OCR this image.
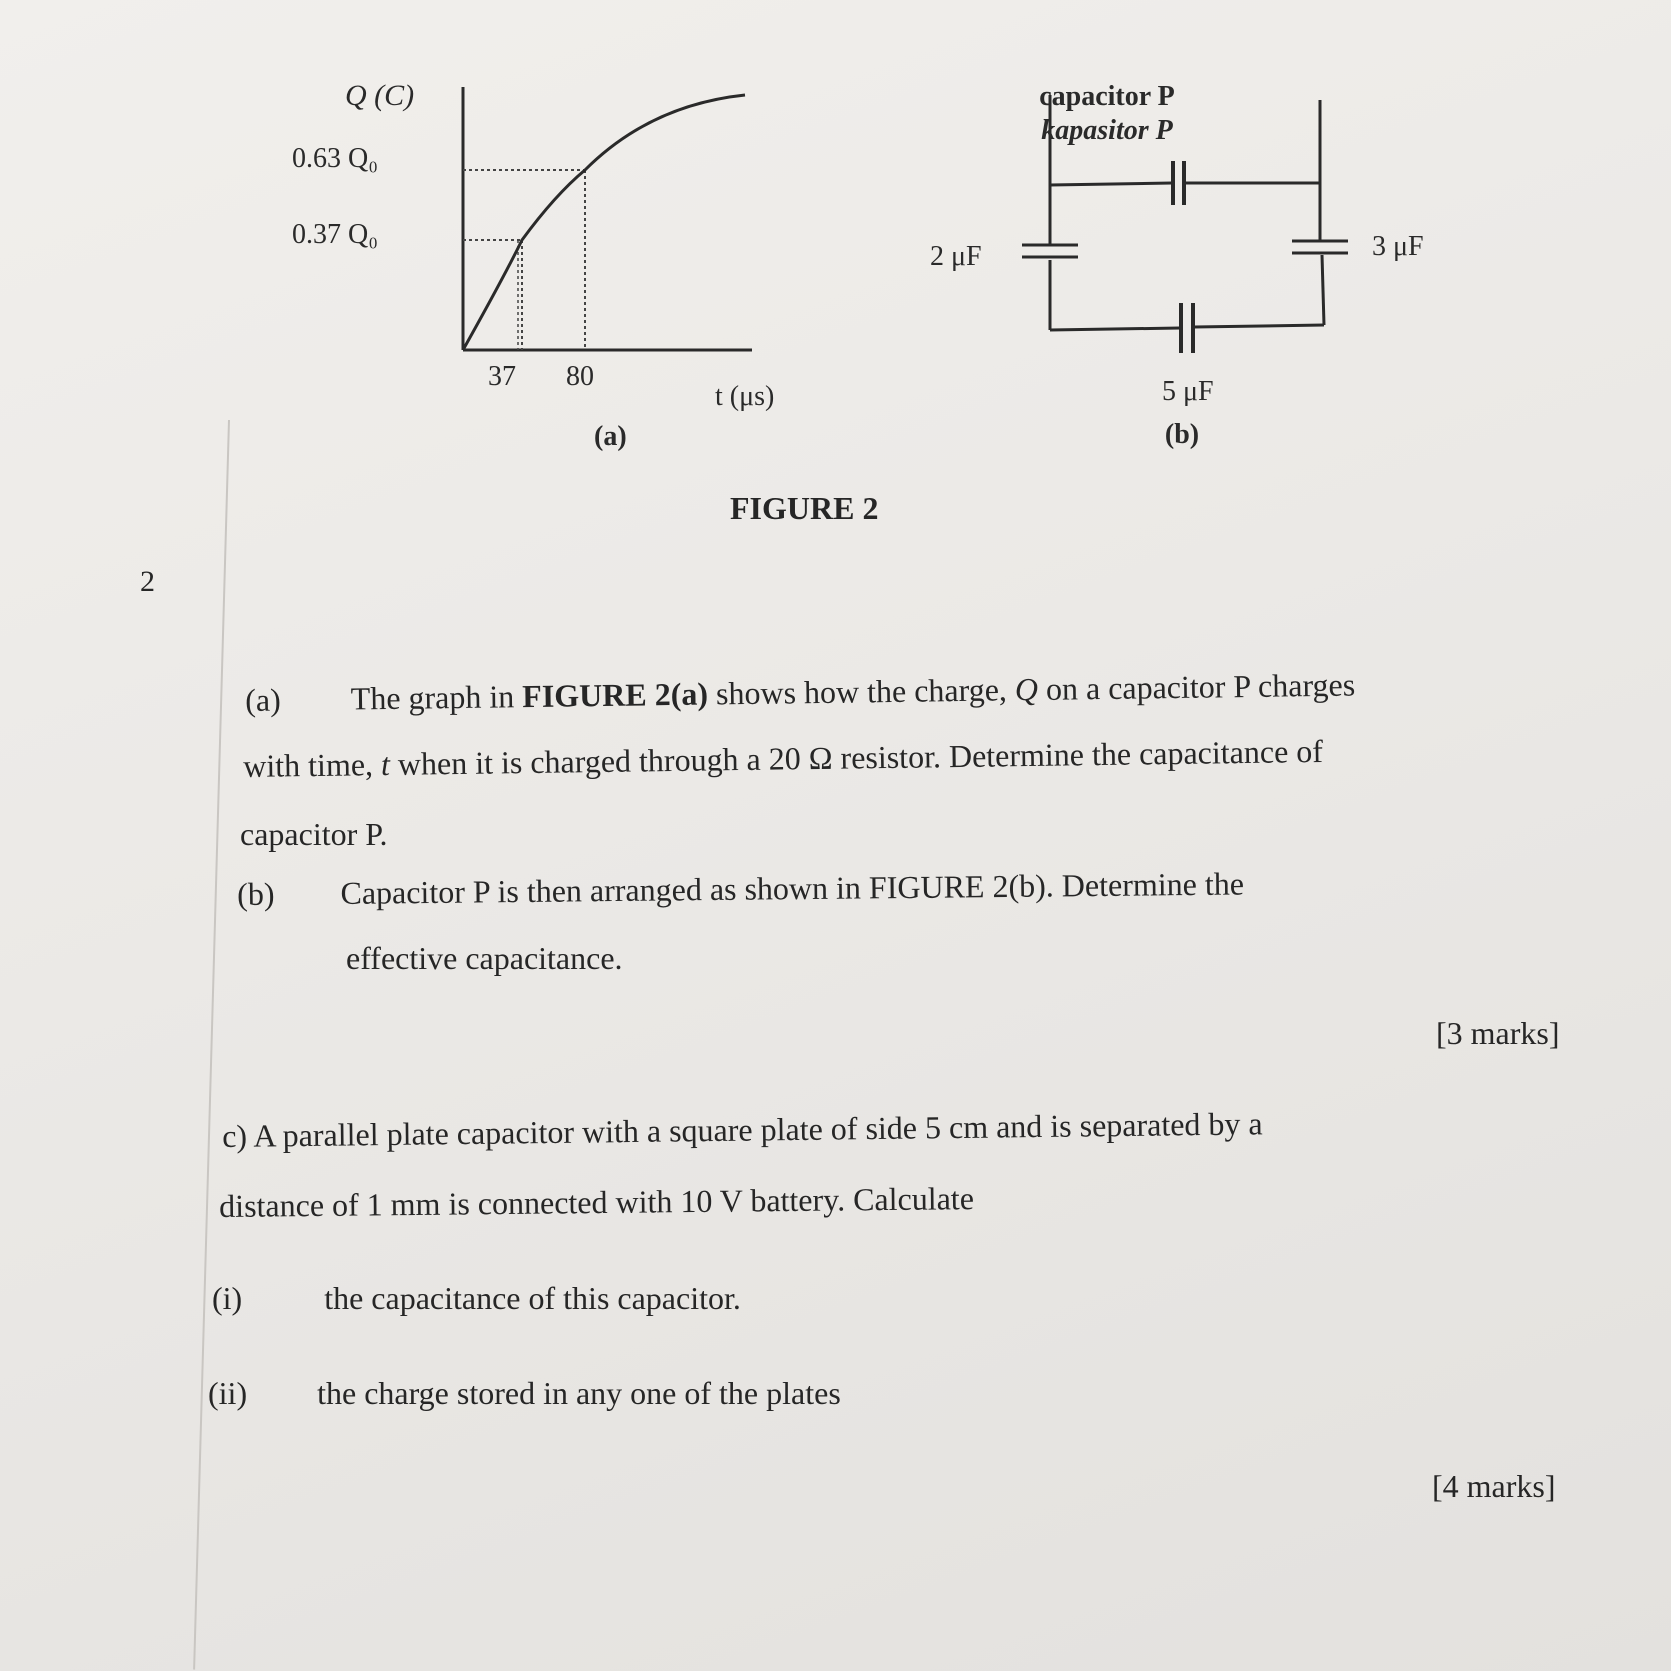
Q (C)
0.63 Q₀
0.37 Q₀
37 80
t (μs)
(a)
capacitor P
kapasitor P
2 μF	3 μF
5 μF
(b)
FIGURE 2
2
(a) The graph in FIGURE 2(a) shows how the charge, Q on a capacitor P charges
with time, t when it is charged through a 20 Ω resistor. Determine the capacitance of
capacitor P.
(b) Capacitor P is then arranged as shown in FIGURE 2(b). Determine the
effective capacitance.
[3 marks]
c) A parallel plate capacitor with a square plate of side 5 cm and is separated by a
distance of 1 mm is connected with 10 V battery. Calculate
(i)	the capacitance of this capacitor.
(ii) the charge stored in any one of the plates
[4 marks]
